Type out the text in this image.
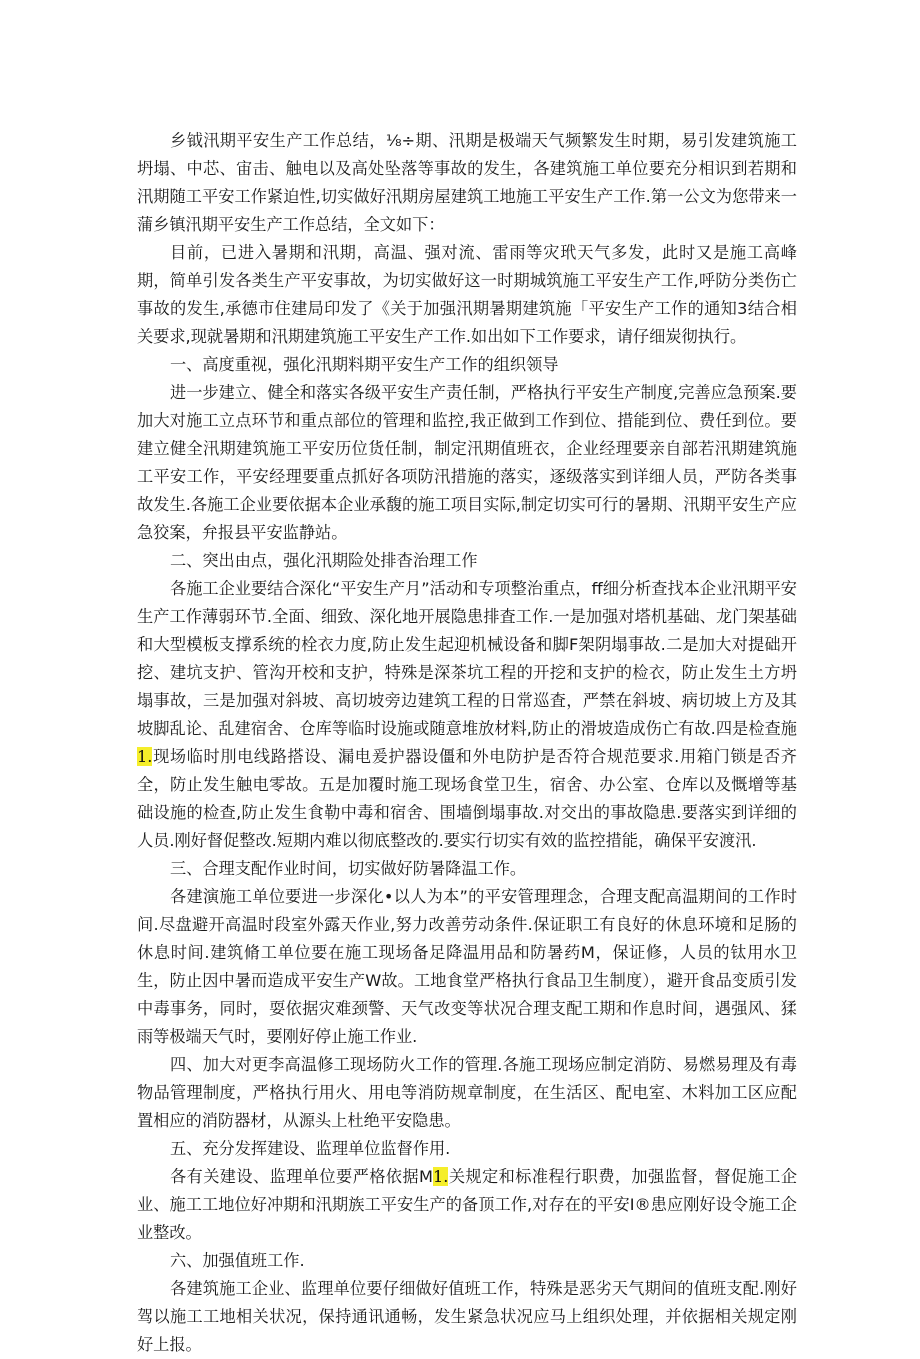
乡钺汛期平安生产工作总结，⅛÷期、汛期是极端天气频繁发生时期，易引发建筑施工坍塌、中芯、宙击、触电以及高处坠落等事故的发生，各建筑施工单位要充分相识到若期和汛期随工平安工作紧迫性,切实做好汛期房屋建筑工地施工平安生产工作.第一公文为您带来一蒲乡镇汛期平安生产工作总结，全文如下：

目前，已进入暑期和汛期，高温、强对流、雷雨等灾玳天气多发，此时又是施工高峰期，简单引发各类生产平安事故，为切实做好这一时期城筑施工平安生产工作,呼防分类伤亡事故的发生,承德市住建局印发了《关于加强汛期暑期建筑施「平安生产工作的通知3结合相关要求,现就暑期和汛期建筑施工平安生产工作.如出如下工作要求，请仔细炭彻执行。

一、高度重视，强化汛期料期平安生产工作的组织领导

进一步建立、健全和落实各级平安生产责任制，严格执行平安生产制度,完善应急预案.要加大对施工立点环节和重点部位的管理和监控,我正做到工作到位、措能到位、费任到位。要建立健全汛期建筑施工平安历位货任制，制定汛期值班衣，企业经理要亲自部若汛期建筑施工平安工作，平安经理要重点抓好各项防汛措施的落实，逐级落实到详细人员，严防各类事故发生.各施工企业要依据本企业承馥的施工项目实际,制定切实可行的暑期、汛期平安生产应急狡案，弁报县平安监静站。

二、突出由点，强化汛期险处排杳治理工作

各施工企业要结合深化“平安生产月”活动和专项整治重点，ff细分析查找本企业汛期平安生产工作薄弱环节.全面、细致、深化地开展隐患排査工作.一是加强对塔机基础、龙门架基础和大型模板支撑系统的栓衣力度,防止发生起迎机械设备和脚F架阴塌事故.二是加大对提础开挖、建坑支护、管沟开校和支护，特殊是深茶坑工程的开挖和支护的检衣，防止发生土方坍塌事故，三是加强对斜坡、高切坡旁边建筑工程的日常巡査，严禁在斜坡、病切坡上方及其坡脚乱论、乱建宿舍、仓库等临时设施或随意堆放材料,防止的滑坡造成伤亡有故.四是检查施1.现场临时刖电线路搭设、漏电爰护器设僵和外电防护是否符合规范要求.用箱门锁是否齐全，防止发生触电零故。五是加覆时施工现场食堂卫生，宿舍、办公室、仓库以及慨增等基础设施的检查,防止发生食勒中毒和宿舍、围墙倒塌事故.对交出的事故隐患.要落实到详细的人员.刚好督促整改.短期内难以彻底整改的.要实行切实有效的监控措能，确保平安渡汛.

三、合理支配作业时间，切实做好防暑降温工作。

各建演施工单位要进一步深化•以人为本”的平安管理理念，合理支配高温期间的工作时间.尽盘避开高温时段室外露天作业,努力改善劳动条件.保证职工有良好的休息环境和足肠的休息时间.建筑脩工单位要在施工现场备足降温用品和防暑药M，保证修，人员的钛用水卫生，防止因中暑而造成平安生产W故。工地食堂严格执行食品卫生制度），避开食品变质引发中毒事务，同时，耍依据灾难颈警、天气改变等状况合理支配工期和作息时间，遇强风、猱雨等极端天气时，要刚好停止施工作业.

四、加大对更李高温修工现场防火工作的管理.各施工现场应制定消防、易燃易理及有毒物品管理制度，严格执行用火、用电等消防规章制度，在生活区、配电室、木料加工区应配置相应的消防器材，从源头上杜绝平安隐患。

五、充分发挥建设、监理单位监督作用.

各有关建设、监理单位要严格依据M1.关规定和标准程行职费，加强监督，督促施工企业、施工工地位好冲期和汛期族工平安生产的备顶工作,对存在的平安I®患应刚好设令施工企业整改。

六、加强值班工作.

各建筑施工企业、监理单位要仔细做好值班工作，特殊是恶劣天气期间的值班支配.刚好驾以施工工地相关状况，保持通讯通畅，发生紧急状况应马上组织处理，并依据相关规定刚好上报。
